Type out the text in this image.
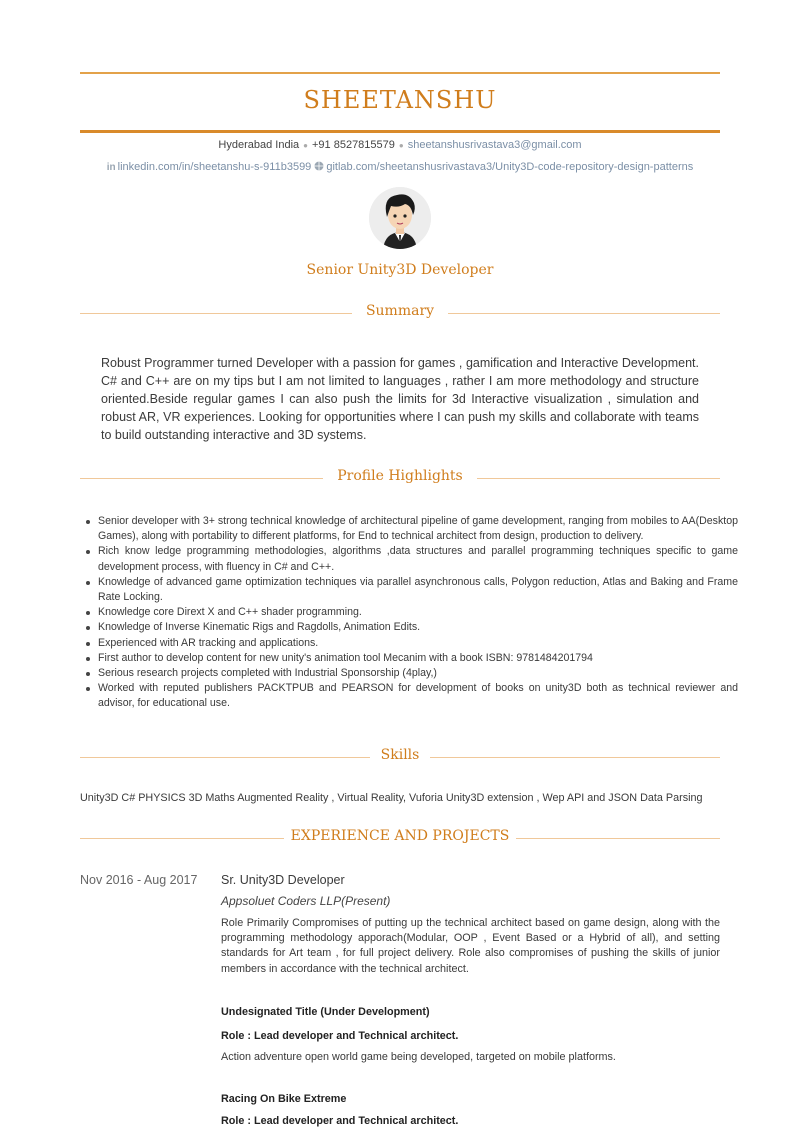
SHEETANSHU
Hyderabad India ● +91 8527815579 ● sheetanshusrivastava3@gmail.com
in linkedin.com/in/sheetanshu-s-911b3599 gitlab.com/sheetanshusrivastava3/Unity3D-code-repository-design-patterns
Senior Unity3D Developer
Summary
Robust Programmer turned Developer with a passion for games , gamification and Interactive Development. C# and C++ are on my tips but I am not limited to languages , rather I am more methodology and structure oriented.Beside regular games I can also push the limits for 3d Interactive visualization , simulation and robust AR, VR experiences. Looking for opportunities where I can push my skills and collaborate with teams to build outstanding interactive and 3D systems.
Profile Highlights
Senior developer with 3+ strong technical knowledge of architectural pipeline of game development, ranging from mobiles to AA(Desktop Games), along with portability to different platforms, for End to technical architect from design, production to delivery.
Rich know ledge programming methodologies, algorithms ,data structures and parallel programming techniques specific to game development process, with fluency in C# and C++.
Knowledge of advanced game optimization techniques via parallel asynchronous calls, Polygon reduction, Atlas and Baking and Frame Rate Locking.
Knowledge core Dirext X and C++ shader programming.
Knowledge of Inverse Kinematic Rigs and Ragdolls, Animation Edits.
Experienced with AR tracking and applications.
First author to develop content for new unity's animation tool Mecanim with a book ISBN: 9781484201794
Serious research projects completed with Industrial Sponsorship (4play,)
Worked with reputed publishers PACKTPUB and PEARSON for development of books on unity3D both as technical reviewer and advisor, for educational use.
Skills
Unity3D C# PHYSICS 3D Maths Augmented Reality , Virtual Reality, Vuforia Unity3D extension , Wep API and JSON Data Parsing
EXPERIENCE AND PROJECTS
Nov 2016 - Aug 2017 Sr. Unity3D Developer
Appsoluet Coders LLP(Present)
Role Primarily Compromises of putting up the technical architect based on game design, along with the programming methodology apporach(Modular, OOP , Event Based or a Hybrid of all), and setting standards for Art team , for full project delivery. Role also compromises of pushing the skills of junior members in accordance with the technical architect.
Undesignated Title (Under Development)
Role : Lead developer and Technical architect.
Action adventure open world game being developed, targeted on mobile platforms.
Racing On Bike Extreme
Role : Lead developer and Technical architect.
